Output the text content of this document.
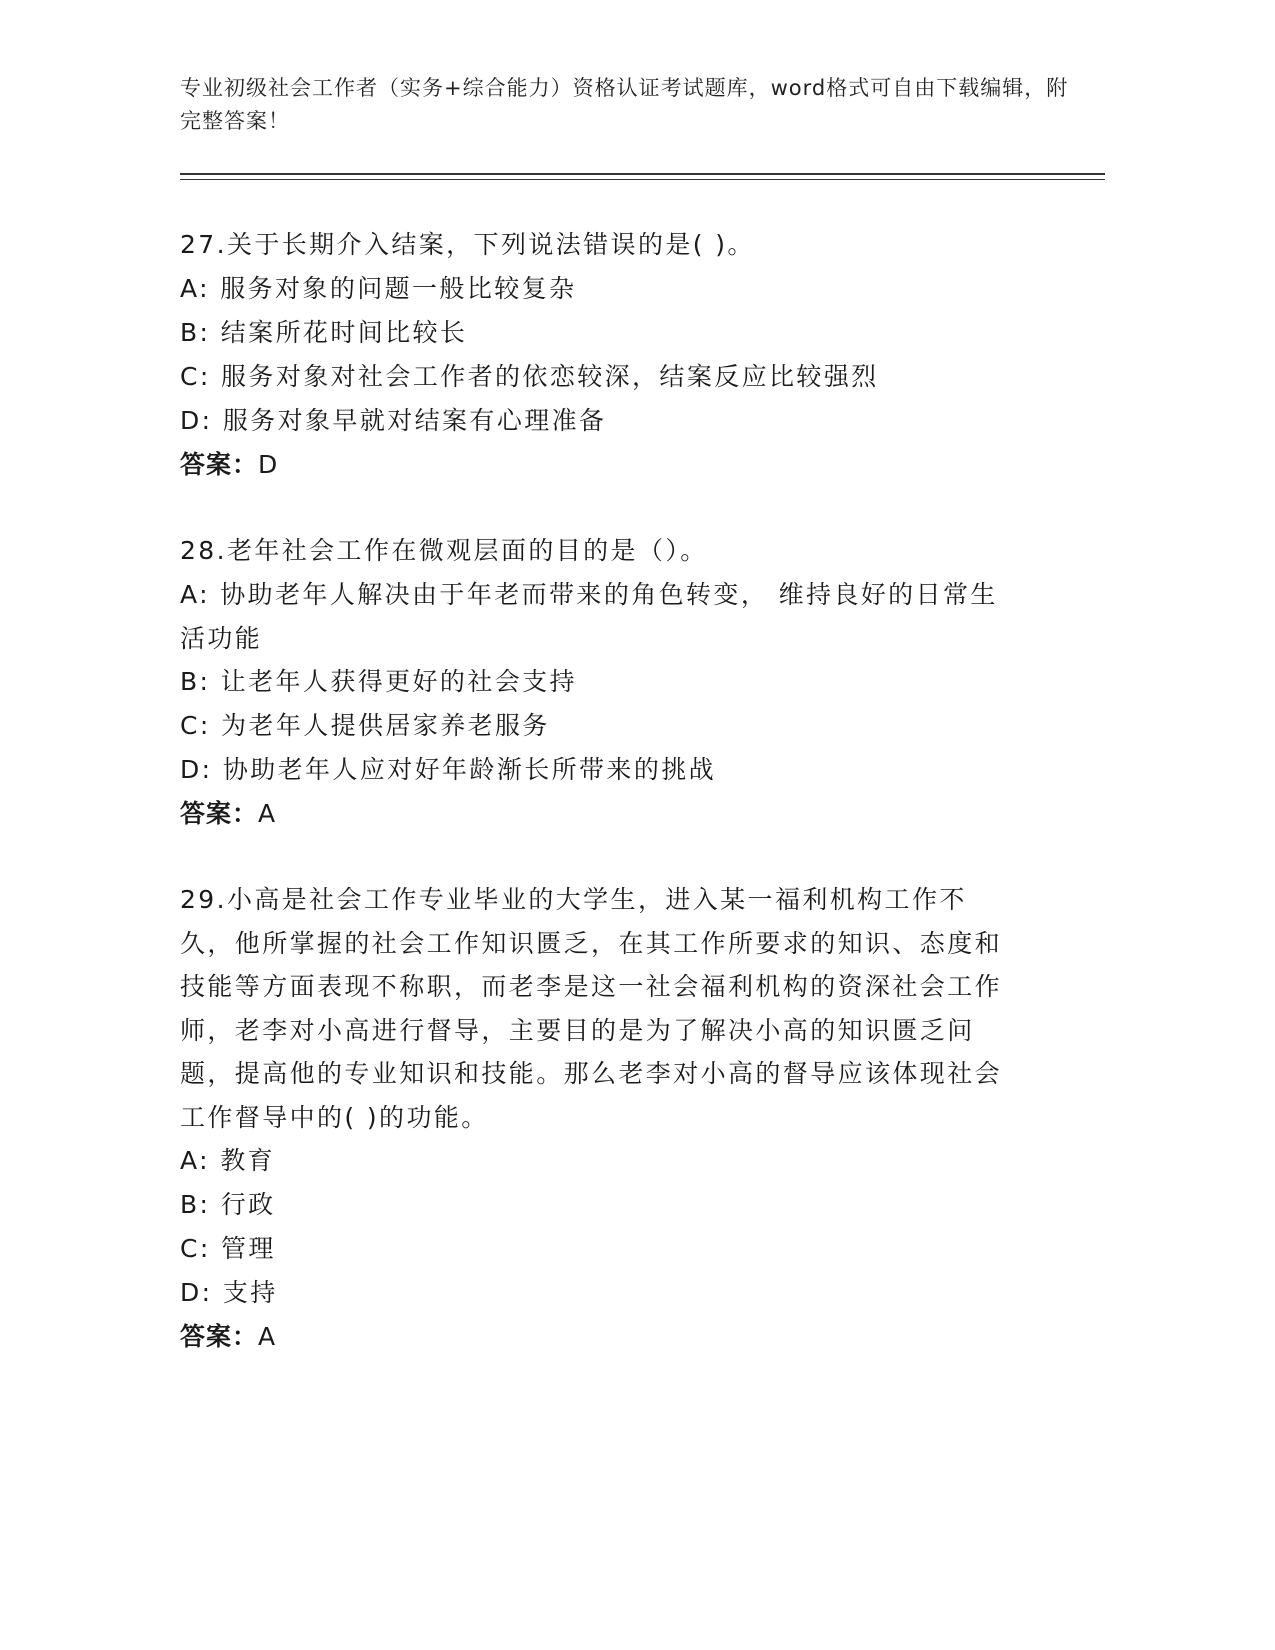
专业初级社会工作者（实务+综合能力）资格认证考试题库，word格式可自由下载编辑，附完整答案！
27.关于长期介入结案，下列说法错误的是( )。
A: 服务对象的问题一般比较复杂
B: 结案所花时间比较长
C: 服务对象对社会工作者的依恋较深，结案反应比较强烈
D: 服务对象早就对结案有心理准备
答案：D
28.老年社会工作在微观层面的目的是（）。
A: 协助老年人解决由于年老而带来的角色转变， 维持良好的日常生活功能
B: 让老年人获得更好的社会支持
C: 为老年人提供居家养老服务
D: 协助老年人应对好年龄渐长所带来的挑战
答案：A
29.小高是社会工作专业毕业的大学生，进入某一福利机构工作不久，他所掌握的社会工作知识匮乏，在其工作所要求的知识、态度和技能等方面表现不称职，而老李是这一社会福利机构的资深社会工作师，老李对小高进行督导，主要目的是为了解决小高的知识匮乏问题，提高他的专业知识和技能。那么老李对小高的督导应该体现社会工作督导中的( )的功能。
A: 教育
B: 行政
C: 管理
D: 支持
答案：A
